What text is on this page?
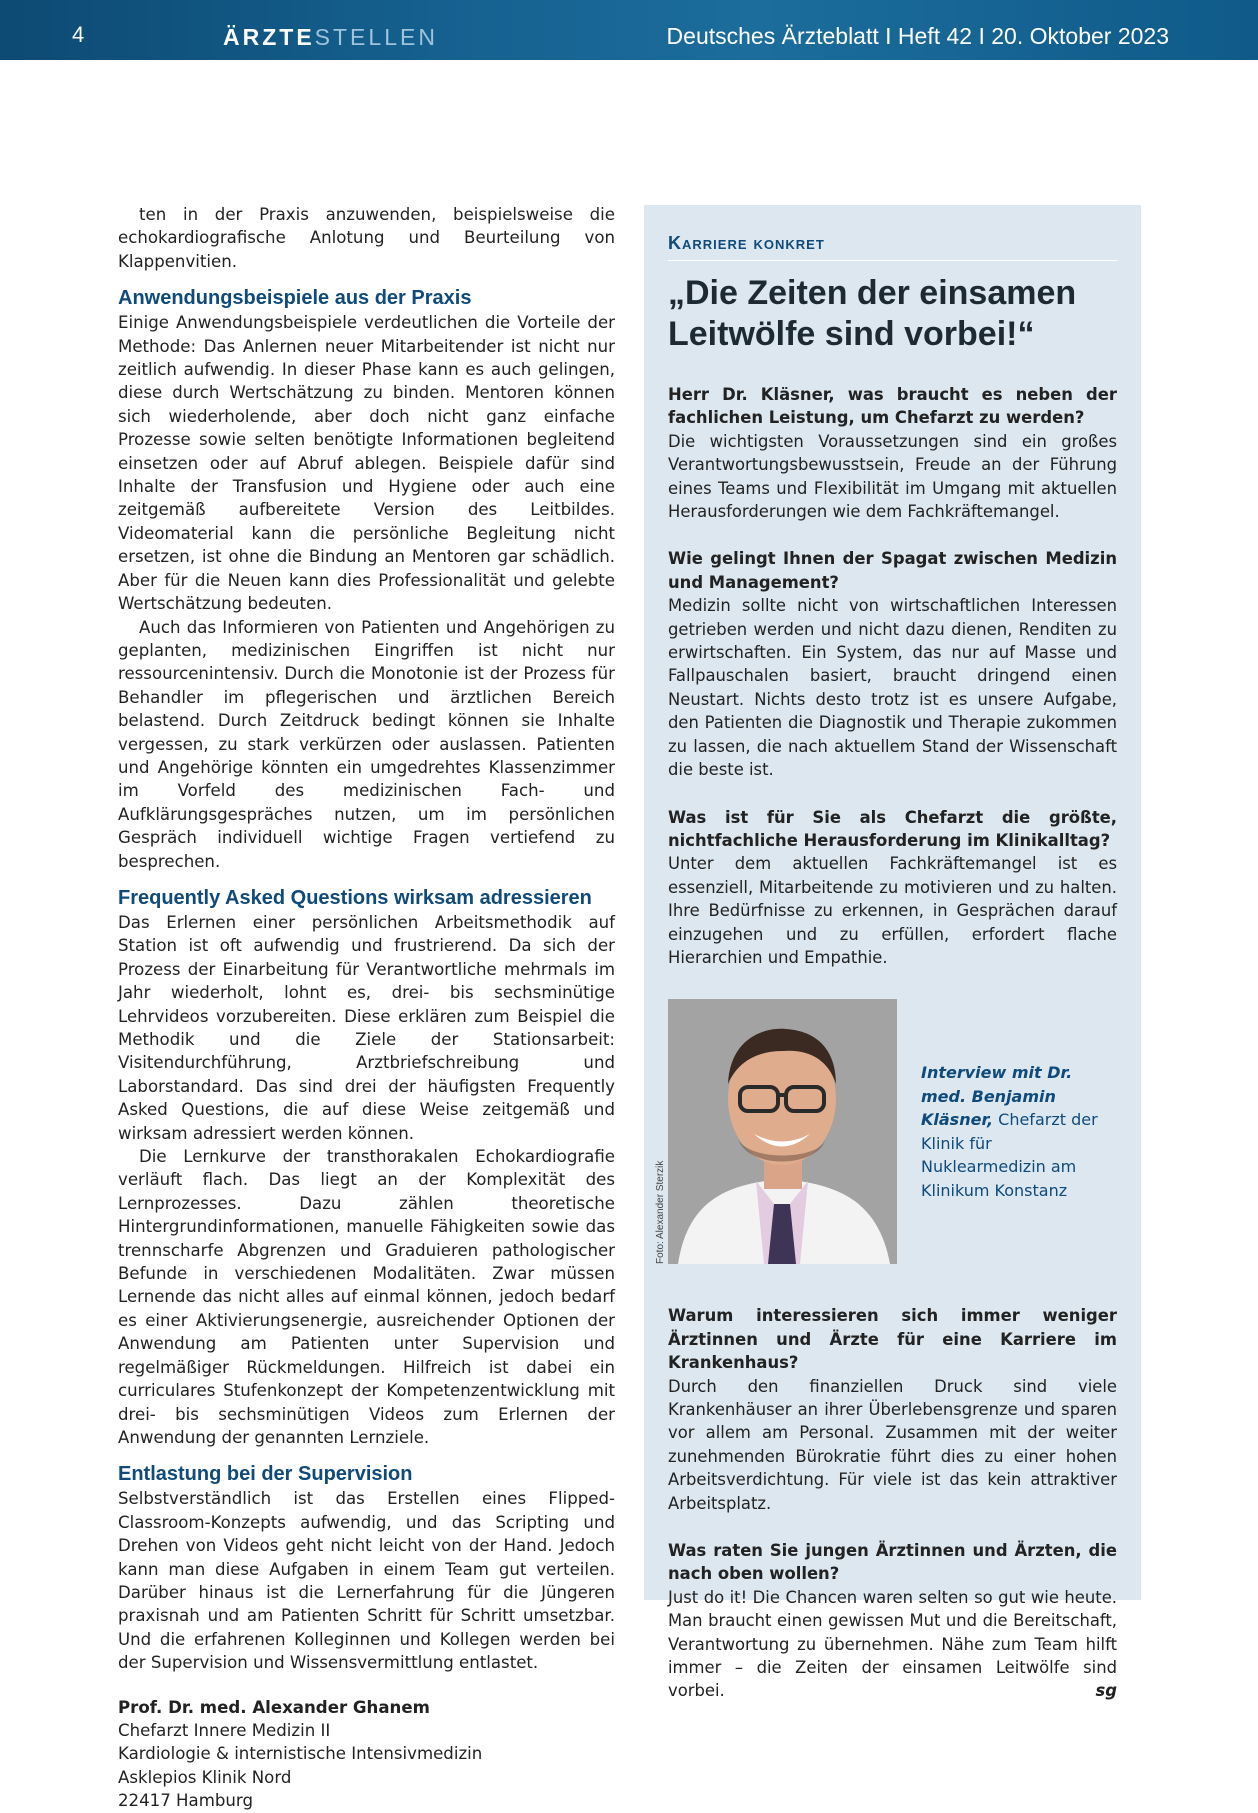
4	ÄRZTESTELLEN	Deutsches Ärzteblatt I Heft 42 I 20. Oktober 2023

ten in der Praxis anzuwenden, beispielsweise die echokardiografische Anlotung und Beurteilung von Klappenvitien.

Anwendungsbeispiele aus der Praxis

Einige Anwendungsbeispiele verdeutlichen die Vorteile der Methode: Das Anlernen neuer Mitarbeitender ist nicht nur zeitlich aufwendig. In dieser Phase kann es auch gelingen, diese durch Wertschätzung zu binden. Mentoren können sich wiederholende, aber doch nicht ganz einfache Prozesse sowie selten benötigte Informationen begleitend einsetzen oder auf Abruf ablegen. Beispiele dafür sind Inhalte der Transfusion und Hygiene oder auch eine zeitgemäß aufbereitete Version des Leitbildes. Videomaterial kann die persönliche Begleitung nicht ersetzen, ist ohne die Bindung an Mentoren gar schädlich. Aber für die Neuen kann dies Professionalität und gelebte Wertschätzung bedeuten.

Auch das Informieren von Patienten und Angehörigen zu geplanten, medizinischen Eingriffen ist nicht nur ressourcenintensiv. Durch die Monotonie ist der Prozess für Behandler im pflegerischen und ärztlichen Bereich belastend. Durch Zeitdruck bedingt können sie Inhalte vergessen, zu stark verkürzen oder auslassen. Patienten und Angehörige könnten ein umgedrehtes Klassenzimmer im Vorfeld des medizinischen Fach- und Aufklärungsgespräches nutzen, um im persönlichen Gespräch individuell wichtige Fragen vertiefend zu besprechen.

Frequently Asked Questions wirksam adressieren

Das Erlernen einer persönlichen Arbeitsmethodik auf Station ist oft aufwendig und frustrierend. Da sich der Prozess der Einarbeitung für Verantwortliche mehrmals im Jahr wiederholt, lohnt es, drei- bis sechsminütige Lehrvideos vorzubereiten. Diese erklären zum Beispiel die Methodik und die Ziele der Stationsarbeit: Visitendurchführung, Arztbriefschreibung und Laborstandard. Das sind drei der häufigsten Frequently Asked Questions, die auf diese Weise zeitgemäß und wirksam adressiert werden können.

Die Lernkurve der transthorakalen Echokardiografie verläuft flach. Das liegt an der Komplexität des Lernprozesses. Dazu zählen theoretische Hintergrundinformationen, manuelle Fähigkeiten sowie das trennscharfe Abgrenzen und Graduieren pathologischer Befunde in verschiedenen Modalitäten. Zwar müssen Lernende das nicht alles auf einmal können, jedoch bedarf es einer Aktivierungsenergie, ausreichender Optionen der Anwendung am Patienten unter Supervision und regelmäßiger Rückmeldungen. Hilfreich ist dabei ein curriculares Stufenkonzept der Kompetenzentwicklung mit drei- bis sechsminütigen Videos zum Erlernen der Anwendung der genannten Lernziele.

Entlastung bei der Supervision

Selbstverständlich ist das Erstellen eines Flipped-Classroom-Konzepts aufwendig, und das Scripting und Drehen von Videos geht nicht leicht von der Hand. Jedoch kann man diese Aufgaben in einem Team gut verteilen. Darüber hinaus ist die Lernerfahrung für die Jüngeren praxisnah und am Patienten Schritt für Schritt umsetzbar. Und die erfahrenen Kolleginnen und Kollegen werden bei der Supervision und Wissensvermittlung entlastet.

Prof. Dr. med. Alexander Ghanem
Chefarzt Innere Medizin II
Kardiologie & internistische Intensivmedizin
Asklepios Klinik Nord
22417 Hamburg
Karriere konkret
„Die Zeiten der einsamen Leitwölfe sind vorbei!“
Herr Dr. Kläsner, was braucht es neben der fachlichen Leistung, um Chefarzt zu werden?
Die wichtigsten Voraussetzungen sind ein großes Verantwortungsbewusstsein, Freude an der Führung eines Teams und Flexibilität im Umgang mit aktuellen Herausforderungen wie dem Fachkräftemangel.
Wie gelingt Ihnen der Spagat zwischen Medizin und Management?
Medizin sollte nicht von wirtschaftlichen Interessen getrieben werden und nicht dazu dienen, Renditen zu erwirtschaften. Ein System, das nur auf Masse und Fallpauschalen basiert, braucht dringend einen Neustart. Nichts desto trotz ist es unsere Aufgabe, den Patienten die Diagnostik und Therapie zukommen zu lassen, die nach aktuellem Stand der Wissenschaft die beste ist.
Was ist für Sie als Chefarzt die größte, nichtfachliche Herausforderung im Klinikalltag?
Unter dem aktuellen Fachkräftemangel ist es essenziell, Mitarbeitende zu motivieren und zu halten. Ihre Bedürfnisse zu erkennen, in Gesprächen darauf einzugehen und zu erfüllen, erfordert flache Hierarchien und Empathie.
Foto: Alexander Sterzik
Interview mit Dr. med. Benjamin Kläsner, Chefarzt der Klinik für Nuklearmedizin am Klinikum Konstanz
Warum interessieren sich immer weniger Ärztinnen und Ärzte für eine Karriere im Krankenhaus?
Durch den finanziellen Druck sind viele Krankenhäuser an ihrer Überlebensgrenze und sparen vor allem am Personal. Zusammen mit der weiter zunehmenden Bürokratie führt dies zu einer hohen Arbeitsverdichtung. Für viele ist das kein attraktiver Arbeitsplatz.
Was raten Sie jungen Ärztinnen und Ärzten, die nach oben wollen?
Just do it! Die Chancen waren selten so gut wie heute. Man braucht einen gewissen Mut und die Bereitschaft, Verantwortung zu übernehmen. Nähe zum Team hilft immer – die Zeiten der einsamen Leitwölfe sind vorbei.	sg
